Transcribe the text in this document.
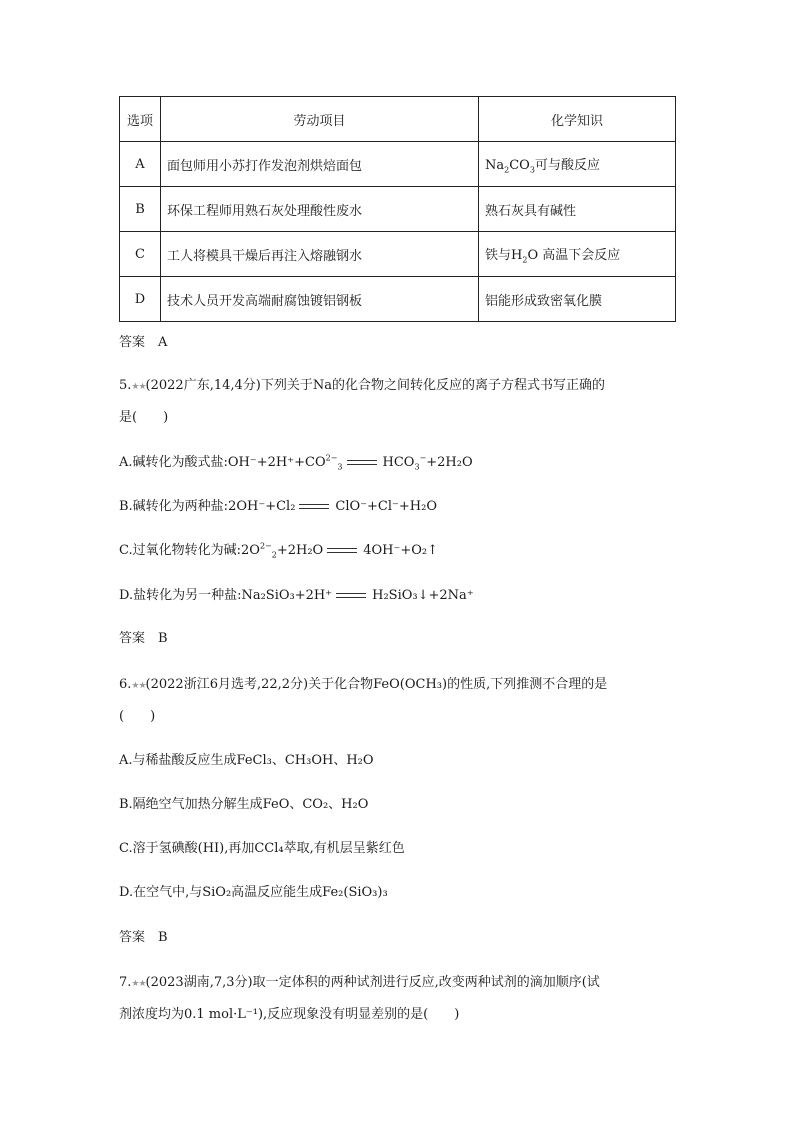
选项	劳动项目	化学知识
A	面包师用小苏打作发泡剂烘焙面包	$Na_2CO_3$可与酸反应
B	环保工程师用熟石灰处理酸性废水	熟石灰具有碱性
C	工人将模具干燥后再注入熔融钢水	铁与$H_2O$ 高温下会反应
D	技术人员开发高端耐腐蚀镀铝钢板	铝能形成致密氧化膜
答案　A
5.★★(2022广东,14,4分)下列关于Na的化合物之间转化反应的离子方程式书写正确的
是(　　)
A.碱转化为酸式盐$:OH^-+2H^++CO^{2-}_3$	$HCO_3^-+2H_2O$
B.碱转化为两种盐:2OH⁻+Cl₂	ClO⁻+Cl⁻+H₂O
C.过氧化物转化为碱$:2O^{2-}_2+2H_2O$	4OH⁻+O₂↑
D.盐转化为另一种盐:Na₂SiO₃+2H⁺	H₂SiO₃↓+2Na⁺
答案　B
6.★★(2022浙江6月选考,22,2分)关于化合物FeO(OCH₃)的性质,下列推测不合理的是
(　　)
A.与稀盐酸反应生成FeCl₃、CH₃OH、H₂O
B.隔绝空气加热分解生成FeO、CO₂、H₂O
C.溶于氢碘酸(HI),再加CCl₄萃取,有机层呈紫红色
D.在空气中,与SiO₂高温反应能生成Fe₂(SiO₃)₃
答案　B
7.★★(2023湖南,7,3分)取一定体积的两种试剂进行反应,改变两种试剂的滴加顺序(试
剂浓度均为0.1 mol·L⁻¹),反应现象没有明显差别的是(　　)
